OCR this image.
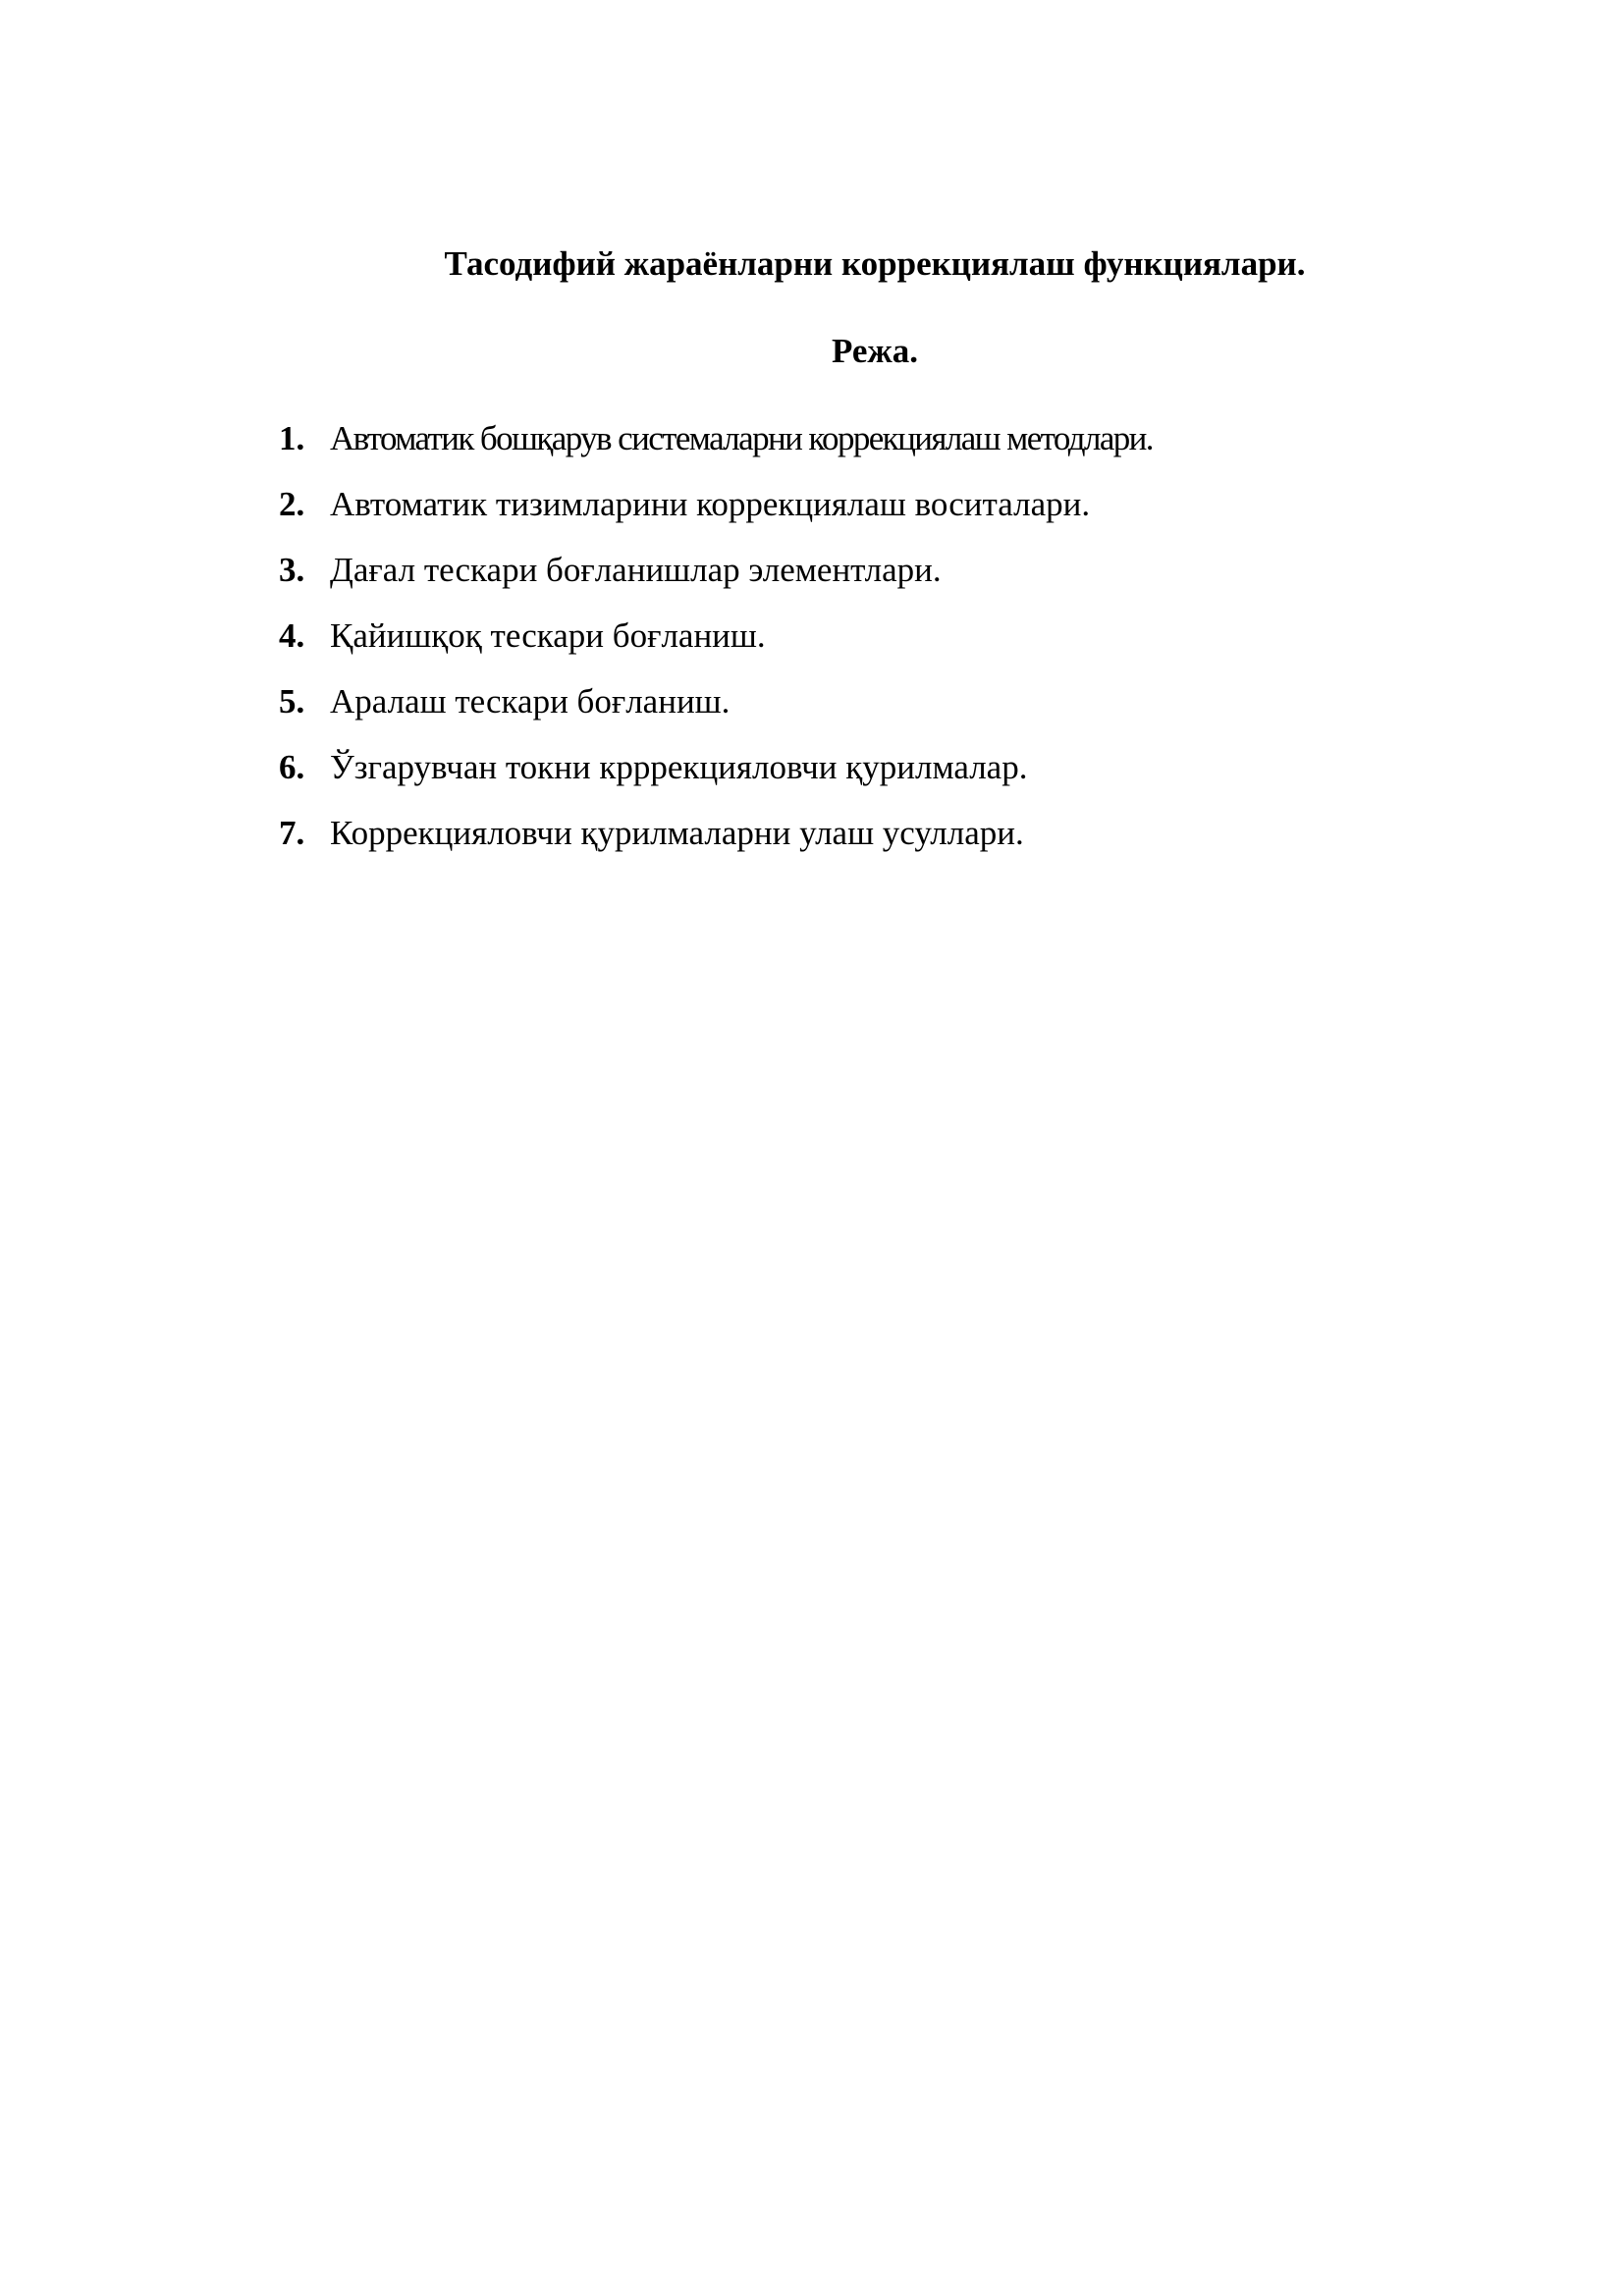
Тасодифий жараёнларни коррекциялаш функциялари.
Режа.
1. Автоматик бошқарув системаларни коррекциялаш методлари.
2. Автоматик тизимларини коррекциялаш воситалари.
3. Дағал тескари боғланишлар элементлари.
4. Қайишқоқ тескари боғланиш.
5. Аралаш тескари боғланиш.
6. Ўзгарувчан токни крррекцияловчи қурилмалар.
7. Коррекцияловчи қурилмаларни улаш усуллари.
